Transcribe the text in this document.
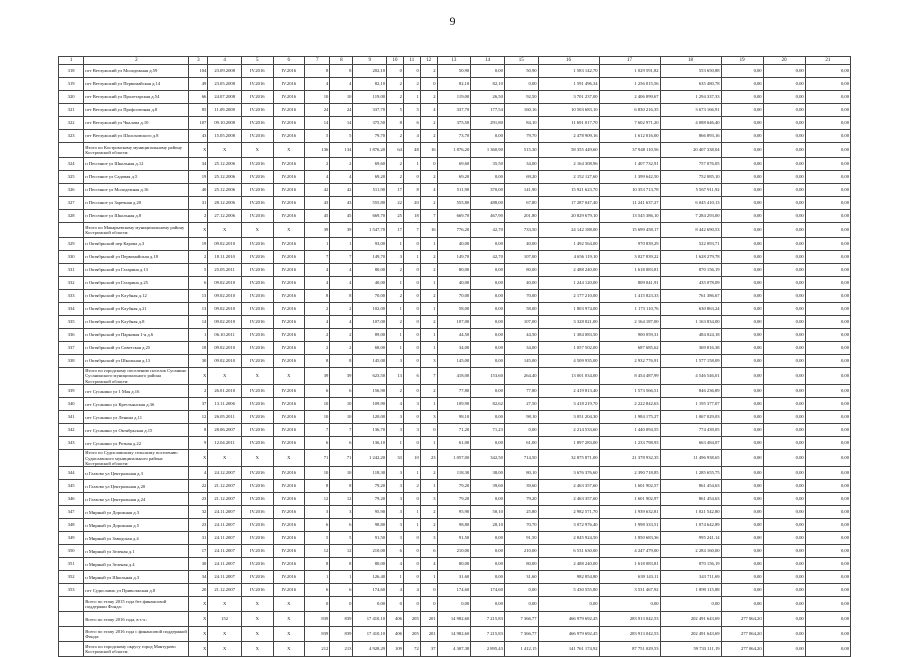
9
1	2	3	4	5	6	7	8	9	10	11	12	13	14	15	16	17	18	19	20	21
318	пгт Ветлужский ул Молодежная д.59	104	23.09.2008	IV.2016	IV.2016	8	8	202,10	0	0	2	50,90	0,00	50,90	1 583 142,70	1 029 591,82	553 650,88	0,00	0,00	0,00
319	пгт Ветлужский ул Первомайская д.14	49	23.05.2008	IV.2016	IV.2016	4	4	82,10	2	2	0	82,10	82,10	0,00	1 591 496,34	1 256 015,56	635 480,78	0,00	0,00	0,00
320	пгт Ветлужский ул Пролетарская д.54	66	24.07.2008	IV.2016	IV.2016	10	10	119,00	2	1	2	119,00	26,50	92,50	3 701 237,00	2 406 899,67	1 294 337,33	0,00	0,00	0,00
321	пгт Ветлужский ул Профсоюзная д.8	85	11.09.2008	IV.2016	IV.2016	24	24	337,70	5	5	4	337,70	177,54	160,16	10 503 683,10	6 830 216,35	3 673 166,91	0,00	0,00	0,00
322	пгт Ветлужский ул Чкалова д.10	107	09.10.2008	IV.2016	IV.2016	14	14	375,50	8	6	2	375,50	291,80	84,10	11 691 017,70	7 602 971,20	4 088 646,40	0,00	0,00	0,00
323	пгт Ветлужский ул Шолоховского д.8	43	15.05.2008	IV.2016	IV.2016	5	5	79,70	2	4	2	73,70	0,00	79,70	2 478 909,16	1 612 016,00	866 893,16	0,00	0,00	0,00
	Итого по Костромскому муниципальному району Костромской области:	X	X	X	X	136	134	1 876,20	64	48	16	1 876,20	1 360,90	515,30	58 355 449,60	37 948 110,56	20 407 338,04	0,00	0,00	0,00
324	п Песочное ул Школьная д.12	34	25.12.2006	IV.2016	IV.2016	2	2	69,60	2	1	0	69,60	35,50	34,00	2 164 308,96	1 407 732,91	757 076,05	0,00	0,00	0,00
325	п Песочное ул Садовая д.5	19	25.12.2006	IV.2016	IV.2016	4	4	69,20	2	0	2	69,20	0,00	69,20	2 152 127,60	1 399 642,50	752 085,10	0,00	0,00	0,00
326	п Песочное ул Молодежная д.16	40	25.12.2006	IV.2016	IV.2016	42	42	511,90	17	8	4	511,90	370,00	141,90	15 921 623,70	10 353 713,78	5 567 911,92	0,00	0,00	0,00
327	п Песочное ул Заречная д.20	31	28.12.2006	IV.2016	IV.2016	43	43	555,80	22	20	2	555,80	488,00	67,80	17 287 047,40	11 241 637,27	6 045 410,13	0,00	0,00	0,00
328	п Песочное ул Школьная д.8	2	27.12.2006	IV.2016	IV.2016	45	45	669,70	25	18	7	669,70	467,90	201,80	20 829 679,10	13 545 386,10	7 284 293,00	0,00	0,00	0,00
	Итого по Макарьевскому муниципальному району Костромской области:	X	X	X	X	39	39	1 547,70	17	7	16	776,20	42,70	733,50	24 142 188,00	15 699 458,17	8 442 690,53	0,00	0,00	0,00
329	п Октябрьский пер Карова д.3	19	09.02.2010	IV.2016	IV.2016	1	1	93,00	1	0	1	40,00	0,00	40,00	1 492 564,00	970 839,29	522 093,71	0,00	0,00	0,00
330	п Октябрьский ул Первомайская д.18	2	18.11.2010	IV.2016	IV.2016	7	7	149,70	3	1	2	149,70	42,70	107,00	4 656 119,10	3 027 839,22	1 628 279,78	0,00	0,00	0,00
331	п Октябрьский ул Гагарина д.13	5	25.05.2011	IV.2016	IV.2016	4	4	80,00	2	0	2	80,00	0,00	80,00	2 488 240,00	1 618 083,81	870 156,19	0,00	0,00	0,00
332	п Октябрьский ул Гагарина д.25	6	09.02.2010	IV.2016	IV.2016	4	4	40,00	1	0	1	40,00	0,00	40,00	1 244 120,00	809 041,91	435 078,09	0,00	0,00	0,00
333	п Октябрьский ул Клубная д.12	13	09.02.2010	IV.2016	IV.2016	8	8	70,00	2	0	2	70,00	0,00	70,00	2 177 210,00	1 415 823,33	761 386,67	0,00	0,00	0,00
334	п Октябрьский ул Клубная д.21	13	09.02.2010	IV.2016	IV.2016	2	2	102,00	1	0	1	58,00	0,00	58,00	1 803 974,00	1 173 110,76	630 863,24	0,00	0,00	0,00
335	п Октябрьский ул Клубная д.8	14	09.02.2010	IV.2016	IV.2016	4	4	107,00	2	0	2	107,00	0,00	107,00	3 328 021,00	2 164 187,00	1 163 834,00	0,00	0,00	0,00
336	п Октябрьский ул Парковая 1-я д.6	1	06.10.2011	IV.2016	IV.2016	2	2	89,00	1	0	1	44,50	0,00	44,50	1 384 083,50	900 059,31	484 024,18	0,00	0,00	0,00
337	п Октябрьский ул Советская д.25	18	09.02.2010	IV.2016	IV.2016	2	2	68,00	1	0	1	34,00	0,00	34,00	1 057 502,00	687 685,62	369 816,38	0,00	0,00	0,00
338	п Октябрьский ул Школьная д.13	30	09.02.2010	IV.2016	IV.2016	8	8	145,00	3	0	3	145,00	0,00	145,00	4 509 935,00	2 932 776,91	1 577 158,09	0,00	0,00	0,00
	Итого по городскому поселению поселок Сусанино Сусанинского муниципального района Костромской области:	X	X	X	X	39	39	623,50	13	6	7	418,00	153,60	264,40	13 001 034,00	8 454 487,99	4 546 546,01	0,00	0,00	0,00
339	пгт Сусанино ул 1 Мая д.16	2	26.01.2010	IV.2016	IV.2016	6	6	156,90	2	0	2	77,80	0,00	77,80	2 419 813,40	1 573 566,51	846 236,89	0,00	0,00	0,00
340	пгт Сусанино ул Крестьянская д.36	37	13.11.2006	IV.2016	IV.2016	10	10	109,90	4	3	1	109,90	82,62	27,50	3 418 219,70	2 222 842,63	1 195 377,07	0,00	0,00	0,00
341	пгт Сусанино ул Ленина д.11	12	26.05.2011	IV.2016	IV.2016	10	10	120,00	3	0	3	98,10	0,00	98,10	3 051 204,30	1 984 175,27	1 067 029,03	0,00	0,00	0,00
342	пгт Сусанино ул Октябрьская д.15	8	28.06.2007	IV.2016	IV.2016	7	7	136,70	3	3	0	71,20	71,23	0,00	2 214 533,60	1 440 094,55	774 439,05	0,00	0,00	0,00
343	пгт Сусанино ул Ротная д.22	9	12.04.2011	IV.2016	IV.2016	6	6	136,10	1	0	1	61,00	0,00	61,00	1 897 283,00	1 233 798,93	663 484,07	0,00	0,00	0,00
	Итого по Судиславскому сельскому поселению Судиславского муниципального района Костромской области:	X	X	X	X	71	71	1 242,20	33	10	23	1 057,00	342,50	714,50	32 875 871,00	21 378 932,35	11 496 938,65	0,00	0,00	0,00
344	п Глазово ул Центральная д.3	4	24.12.2007	IV.2016	IV.2016	10	10	118,30	3	1	2	118,30	38,00	80,10	3 676 376,60	2 390 718,85	1 285 655,75	0,00	0,00	0,00
345	п Глазово ул Центральная д.20	22	21.12.2007	IV.2016	IV.2016	8	8	79,20	3	2	1	79,20	39,60	39,60	2 463 357,60	1 601 902,57	861 454,63	0,00	0,00	0,00
346	п Глазово ул Центральная д.24	23	21.12.2007	IV.2016	IV.2016	12	12	79,20	3	0	3	79,20	0,00	79,20	2 463 357,60	1 601 902,97	861 454,63	0,00	0,00	0,00
347	п Мирный ул Дорожная д.3	32	24.11.2007	IV.2016	IV.2016	3	3	95,90	3	1	2	95,90	50,10	25,80	2 982 571,70	1 939 632,81	1 021 542,80	0,00	0,00	0,00
348	п Мирный ул Дорожная д.5	23	24.11.2007	IV.2016	IV.2016	6	6	98,80	3	1	2	98,80	28,10	70,70	3 072 976,40	1 998 333,51	1 074 642,89	0,00	0,00	0,00
349	п Мирный ул Заводская д.4	31	24.11.2007	IV.2016	IV.2016	5	5	91,50	3	0	3	91,50	0,00	91,50	2 845 924,50	1 850 683,36	995 241,14	0,00	0,00	0,00
350	п Мирный ул Зеленая д.1	17	24.11.2007	IV.2016	IV.2016	12	12	210,00	6	0	6	210,00	0,00	210,00	6 531 630,00	4 247 479,00	2 284 160,00	0,00	0,00	0,00
351	п Мирный ул Зеленая д.4	30	24.11.2007	IV.2016	IV.2016	8	8	80,00	4	0	4	80,00	0,00	80,00	2 488 240,00	1 618 083,81	870 156,19	0,00	0,00	0,00
352	п Мирный ул Школьная д.3	34	24.11.2007	IV.2016	IV.2016	1	1	126,40	1	0	1	31,60	0,00	31,60	982 854,80	639 143,11	343 711,69	0,00	0,00	0,00
353	пгт Судиславль ул Приволжская д.8	20	21.12.2007	IV.2016	IV.2016	6	6	174,60	4	4	0	174,60	174,60	0,00	5 430 555,80	3 531 467,92	1 899 115,88	0,00	0,00	0,00
	Всего по этапу 2015 года без финансовой поддержки Фонда:	X	X	X	X	0	0	0,00	0	0	0	0,00	0,00	0,00	0,00	0,00	0,00	0,00	0,00	0,00
	Всего по этапу 2016 года, в т.ч.:	X	152	X	X	839	839	17 410,10	406	205	201	14 982,60	7 215,83	7 366,77	466 979 692,45	283 913 042,53	202 491 643,69	277 064,20	0,00	0,00
	Всего по этапу 2016 года с финансовой поддержкой Фонда:	X	X	X	X	839	839	17 410,10	406	205	201	14 982,60	7 215,83	7 366,77	466 979 692,45	283 913 042,53	202 491 643,69	277 064,20	0,00	0,00
	Итого по городскому округу город Мантурово Костромской области:	X	X	X	X	212	213	4 928,29	109	72	37	4 307,38	2 895,43	1 412,15	141 761 174,92	87 751 029,53	59 733 111,19	277 064,20	0,00	0,00
